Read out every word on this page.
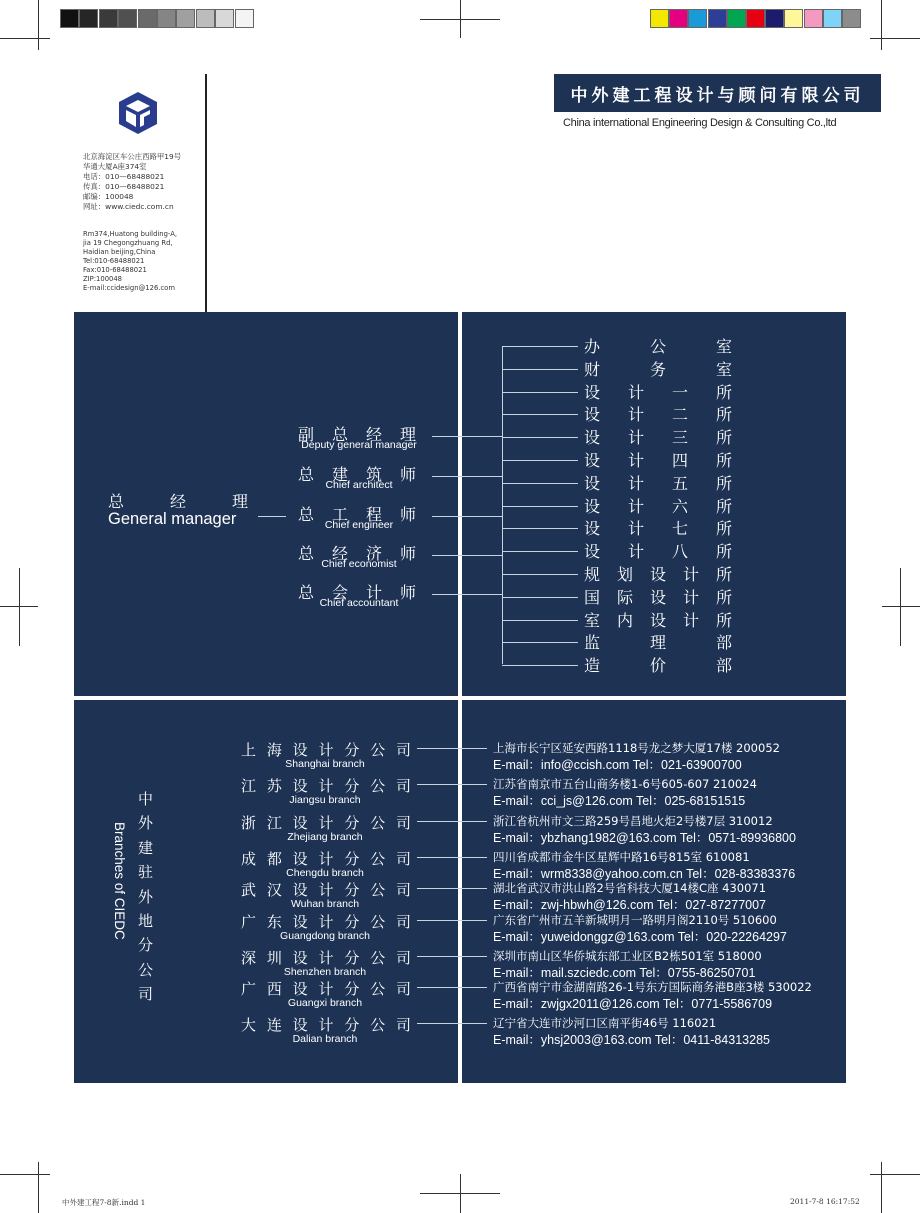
北京海淀区车公庄西路甲19号
华通大厦A座374室
电话：010—68488021
传真：010—68488021
邮编：100048
网址：www.ciedc.com.cn
Rm374,Huatong building-A,
jia 19 Chegongzhuang Rd,
Haidian beijing,China
Tel:010-68488021
Fax:010-68488021
ZIP:100048
E-mail:ccidesign@126.com
中外建工程设计与顾问有限公司
China international Engineering Design & Consulting Co.,ltd
总	经	理
General manager
副 总 经 理
Deputy general manager
总 建 筑 师
Chief architect
总 工 程 师
Chief engineer
总 经 济 师
Chief economist
总 会 计 师
Chief accountant
办	公	室
财	务	室
设 计 一 所
设 计 二 所
设 计 三 所
设 计 四 所
设 计 五 所
设 计 六 所
设 计 七 所
设 计 八 所
规 划 设 计 所
国 际 设 计 所
室 内 设 计 所
监	理	部
造	价	部
中
外
建
驻
外
地
分
公
司
Branches of CIEDC
上 海 设 计 分 公 司
Shanghai branch
上海市长宁区延安西路1118号龙之梦大厦17楼 200052
E-mail：info@ccish.com Tel：021-63900700
江 苏 设 计 分 公 司
Jiangsu branch
江苏省南京市五台山商务楼1-6号605-607 210024
E-mail：cci_js@126.com Tel：025-68151515
浙 江 设 计 分 公 司
Zhejiang branch
浙江省杭州市文三路259号昌地火炬2号楼7层 310012
E-mail：ybzhang1982@163.com Tel：0571-89936800
成 都 设 计 分 公 司
Chengdu branch
四川省成都市金牛区星辉中路16号815室 610081
E-mail：wrm8338@yahoo.com.cn Tel：028-83383376
武 汉 设 计 分 公 司
Wuhan branch
湖北省武汉市洪山路2号省科技大厦14楼C座 430071
E-mail：zwj-hbwh@126.com Tel：027-87277007
广 东 设 计 分 公 司
Guangdong branch
广东省广州市五羊新城明月一路明月阁2110号 510600
E-mail：yuweidonggz@163.com Tel：020-22264297
深 圳 设 计 分 公 司
Shenzhen branch
深圳市南山区华侨城东部工业区B2栋501室 518000
E-mail：mail.szciedc.com Tel：0755-86250701
广 西 设 计 分 公 司
Guangxi branch
广西省南宁市金湖南路26-1号东方国际商务港B座3楼 530022
E-mail：zwjgx2011@126.com Tel：0771-5586709
大 连 设 计 分 公 司
Dalian branch
辽宁省大连市沙河口区南平街46号 116021
E-mail：yhsj2003@163.com Tel：0411-84313285
中外建工程7-8新.indd 1	2011-7-8 16:17:52
